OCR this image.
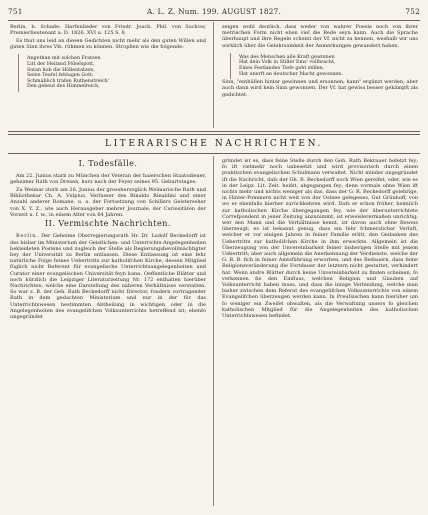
751	A. L. Z. Num. 199. AUGUST 1827.	752

Berlin, b. Schade: Harfenlieder von Friedr. Joach. Phil. von Suckow, Premierlieutenant a. D. 1826. XVI u. 125 S. 8.

Es thut uns leid an diesen Gedichten nicht mehr als den guten Willen und guten Sinn ihres Vfs. rühmen zu können. Strophen wie die folgende:

Angethan mit solchen Fratzen
Litt der Heiland Pöbelspott,
Satan hob die Höllentatzen,
Seine Teufel fehlugen Gott:
Schmählich trafen Ruthenstreich'
Den gebeut des Himmelreich,

zeigen wohl deutlich, dass weder von wahrer Poesie noch von ihrer metrischen Form nicht eben viel die Rede seyn kann. Auch die Sprache überhaupt und ihre Regeln scheint der Vf. nicht zu kennen, weshalb wir uns wirklich über die Gelehrsamkeit der Anmerkungen gewundert haben.

Was des Menschen alle Kraft gewinnen
Hat dein Volk in Stiller Ems' vollbracht,
Eines Festlandes Tiefe geht stillen,
Hat unerft an deutscher Macht gewonnen.

Sinn, "enthüllen hinter gewinnen und ersonnen; kann" ergänzt werden; aber auch dann wird kein Sinn gewonnen. Der Vf. hat gewiss besser gekämpft als gedichtet.

LITERARISCHE NACHRICHTEN.
I. Todesfälle.

Am 22. Junius starb zu München der Veteran der baierschen Staatsdiener, geheimer Rath von Drexen, kurz nach der Feyer seines 95. Geburtstages.

Zu Weimar starb am 26. Junius der grossherzoglich Weimarische Rath und Bibliothekar Ch. A. Vulpius, Verfasser des Rinaldo Rinaldini und einer Anzahl anderer Romane, u. a. der Fortsetzung von Schillers Geisterseher von X. Y. Z., wie auch Herausgeber mehrer Journale, der Curiositäten der Vorzeit u. f. w., in einem Alter von 64 Jahren.

II. Vermischte Nachrichten.

Berlin. Der Geheime Oberregierungsrath Hr. Dr. Ludolf Beckedorff ist des bisher im Ministerium der Geistlichen- und Unterrichts-Angelegenheiten bekleideten Postens und zugleich der Stelle als Regierungsbevollmächtigter bey der Universität zu Berlin entlassen. Diese Entlassung ist eine fehr natürliche Folge feines Uebertritts zur katholifchen Kirche, dessen Mitglied füglich nicht Referent für evangelische Unterrichtsangelegenheiten und Curator einer evangelischen Universität feyn kann. Oeffentliche Blätter und noch kürzlich die Leipziger Literaturzeitung Nr. 172 enthalten hierüber Nachrichten, welche eine Darstellung des näheren Verhältnisse verstatten. So war z. B. der Geh. Rath Beckedorff nicht Director, fondern vortragender Rath in dem gedachten Ministerium und nur in der für das Unterrichtswesen bestimmten Abtheilung in wichtigen oder in die Angelegenheiten des evangelifchen Volksunterrichts betreffend ist; ebenfo ungegründet

gründet ist es, dass feine Stelle durch den Geh. Rath Bekrauer befetzt fey; fo ift vielmehr noch unbesetzt und wird provisorisch durch einen praktischen evangelischen Schulmann verwaltet. Nicht minder ungegründet ift die Nachricht, dafs der Gh. R. Beckedorff noch Wien gereifet, oder, wie es in der Leipz. Lit. Zeit. heifst, abgegangen fey; denn vormals ohne Wien ift nichts mehr und nichts weniger als das, dass der G. R. Beckedorff gelehrige, in Hinter-Pommern nicht weit von der Ostsee gelegenes, Gut Grünhoff, von wo er ebenfalls hierher zurückkehren wird. Dafs er schon früher, heimlich zur katholischen Kirche übergegangen fey, wie der überunterrichtete Correfpondent in jener Zeitung anzunimmt, ist erweislerermaßen unrichtig; wer den Mann und die Verhältnisse kennt, ist davon auch ohne Beweis überzeugt; es ist bekannt genug, dass ein fehr fchmerzlicher Verluft, welcher er vor einigen Jahren in feiner Familie erlitt, den Gedanken des Uebertritts zur katholifchen Kirche in ihm erweckte. Allgemein ist die Überzeugung von der Unvereinbarkeit feiner bisherigen Stelle mit jenem Uebertritt; aber auch allgemein die Anerkennung der Verdienste, welche der G. R. B. fich in feiner Amtsführung erworben, und des Bedauern, dass feine Religionsveränderung die Fortdauer der letztern nicht gestattet, verhindert hat. Wenn andre Blätter durch keine Unvereinbarkeit zu finden scheinen, fo verkennen fie den Einfluss, welchen Religion und Glauben auf Volksunterricht haben muss, und dass die innige Verbindung, welche man bisher zwischen dem Referat des evangelifchen Volksunterrichts von einem Evangelifchen überzeugen werden kann. In Preufsischen kann hierüber um fo weniger ein Zweifel obwalten, als die Verwaltung unsers fo gleichen katholischen Mitglied für die Angelegenheiten des katholischen Unterrichtswesen befindet.
